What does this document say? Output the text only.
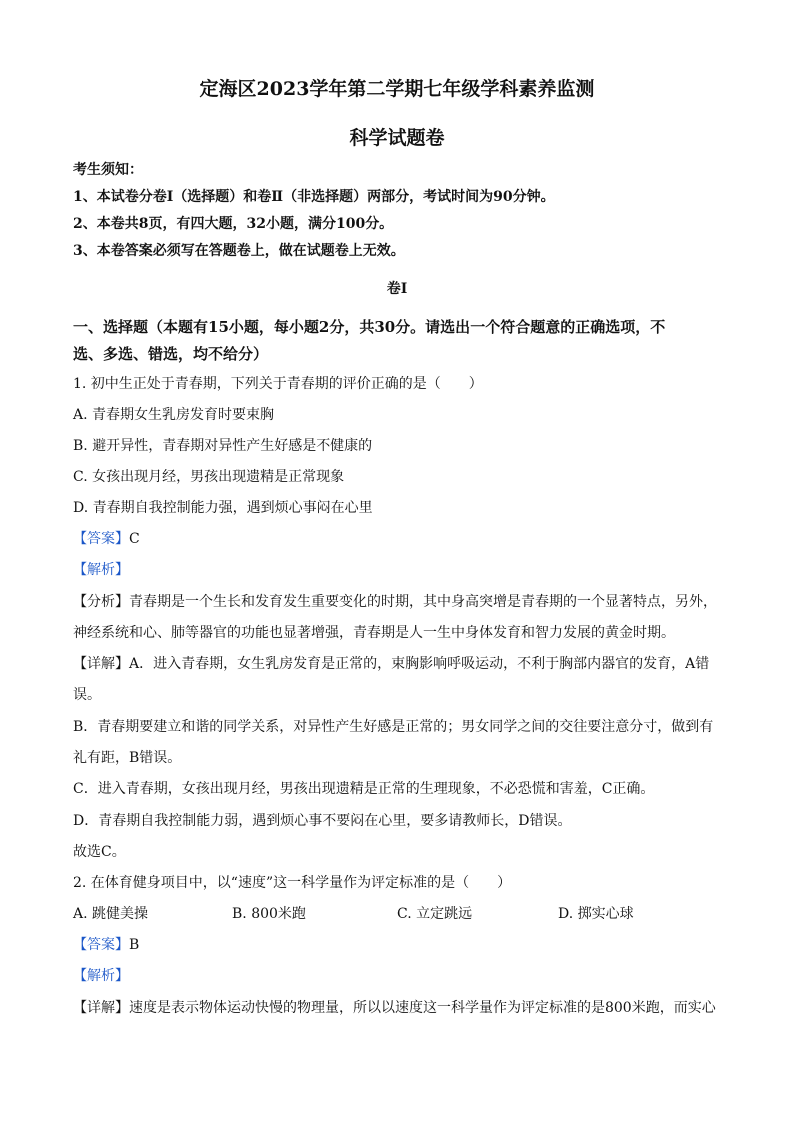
定海区2023学年第二学期七年级学科素养监测
科学试题卷
考生须知：
1、本试卷分卷Ⅰ（选择题）和卷Ⅱ（非选择题）两部分，考试时间为90分钟。
2、本卷共8页，有四大题，32小题，满分100分。
3、本卷答案必须写在答题卷上，做在试题卷上无效。
卷Ⅰ
一、选择题（本题有15小题，每小题2分，共30分。请选出一个符合题意的正确选项，不
选、多选、错选，均不给分）
1. 初中生正处于青春期，下列关于青春期的评价正确的是（　　）
A. 青春期女生乳房发育时要束胸
B. 避开异性，青春期对异性产生好感是不健康的
C. 女孩出现月经，男孩出现遗精是正常现象
D. 青春期自我控制能力强，遇到烦心事闷在心里
【答案】C
【解析】
【分析】青春期是一个生长和发育发生重要变化的时期，其中身高突增是青春期的一个显著特点，另外，
神经系统和心、肺等器官的功能也显著增强，青春期是人一生中身体发育和智力发展的黄金时期。
【详解】A．进入青春期，女生乳房发育是正常的，束胸影响呼吸运动，不利于胸部内器官的发育，A错
误。
B．青春期要建立和谐的同学关系，对异性产生好感是正常的；男女同学之间的交往要注意分寸，做到有
礼有距，B错误。
C．进入青春期，女孩出现月经，男孩出现遗精是正常的生理现象，不必恐慌和害羞，C正确。
D．青春期自我控制能力弱，遇到烦心事不要闷在心里，要多请教师长，D错误。
故选C。
2. 在体育健身项目中，以“速度”这一科学量作为评定标准的是（　　）
A. 跳健美操	B. 800米跑	C. 立定跳远	D. 掷实心球
【答案】B
【解析】
【详解】速度是表示物体运动快慢的物理量，所以以速度这一科学量作为评定标准的是800米跑，而实心
